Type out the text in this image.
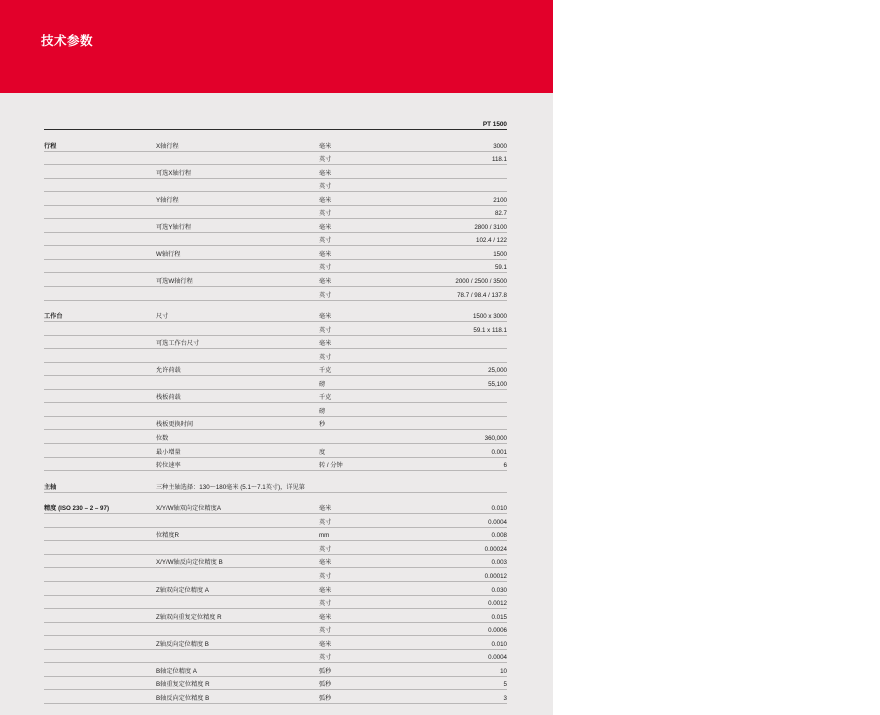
技术参数
			PT 1500

行程	X轴行程	毫米	3000
		英寸	118.1
	可选X轴行程	毫米	
		英寸	
	Y轴行程	毫米	2100
		英寸	82.7
	可选Y轴行程	毫米	2800 / 3100
		英寸	102.4 / 122
	W轴行程	毫米	1500
		英寸	59.1
	可选W轴行程	毫米	2000 / 2500 / 3500
		英寸	78.7 / 98.4 / 137.8

工作台	尺寸	毫米	1500 x 3000
		英寸	59.1 x 118.1
	可选工作台尺寸	毫米	
		英寸	
	允许荷载	千克	25,000
		磅	55,100
	栈板荷载	千克	
		磅	
	栈板更换时间	秒	
	位数		360,000
	最小增量	度	0.001
	转位速率	转 / 分钟	6

主轴	三种主轴选择：130～180毫米 (5.1～7.1英寸)，详见第		

精度 (ISO 230 – 2 – 97)	X/Y/W轴双向定位精度A	毫米	0.010
		英寸	0.0004
	位精度R	mm	0.008
		英寸	0.00024
	X/Y/W轴反向定位精度 B	毫米	0.003
		英寸	0.00012
	Z轴双向定位精度 A	毫米	0.030
		英寸	0.0012
	Z轴双向重复定位精度 R	毫米	0.015
		英寸	0.0006
	Z轴反向定位精度 B	毫米	0.010
		英寸	0.0004
	B轴定位精度 A	弧秒	10
	B轴重复定位精度 R	弧秒	5
	B轴反向定位精度 B	弧秒	3
